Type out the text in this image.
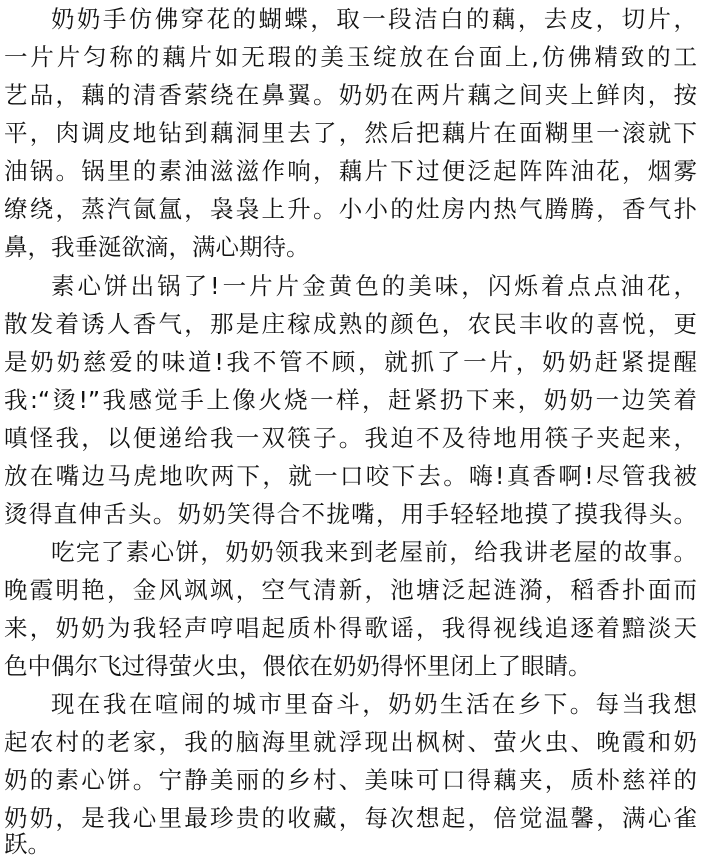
奶奶手仿佛穿花的蝴蝶，取一段洁白的藕，去皮，切片，
一片片匀称的藕片如无瑕的美玉绽放在台面上,仿佛精致的工
艺品，藕的清香萦绕在鼻翼。奶奶在两片藕之间夹上鲜肉，按
平，肉调皮地钻到藕洞里去了，然后把藕片在面糊里一滚就下
油锅。锅里的素油滋滋作响，藕片下过便泛起阵阵油花，烟雾
缭绕，蒸汽氤氲，袅袅上升。小小的灶房内热气腾腾，香气扑
鼻，我垂涎欲滴，满心期待。
素心饼出锅了!一片片金黄色的美味，闪烁着点点油花，
散发着诱人香气，那是庄稼成熟的颜色，农民丰收的喜悦，更
是奶奶慈爱的味道!我不管不顾，就抓了一片，奶奶赶紧提醒
我:“烫!”我感觉手上像火烧一样，赶紧扔下来，奶奶一边笑着
嗔怪我，以便递给我一双筷子。我迫不及待地用筷子夹起来，
放在嘴边马虎地吹两下，就一口咬下去。嗨!真香啊!尽管我被
烫得直伸舌头。奶奶笑得合不拢嘴，用手轻轻地摸了摸我得头。
吃完了素心饼，奶奶领我来到老屋前，给我讲老屋的故事。
晚霞明艳，金风飒飒，空气清新，池塘泛起涟漪，稻香扑面而
来，奶奶为我轻声哼唱起质朴得歌谣，我得视线追逐着黯淡天
色中偶尔飞过得萤火虫，偎依在奶奶得怀里闭上了眼睛。
现在我在喧闹的城市里奋斗，奶奶生活在乡下。每当我想
起农村的老家，我的脑海里就浮现出枫树、萤火虫、晚霞和奶
奶的素心饼。宁静美丽的乡村、美味可口得藕夹，质朴慈祥的
奶奶，是我心里最珍贵的收藏，每次想起，倍觉温馨，满心雀
跃。
